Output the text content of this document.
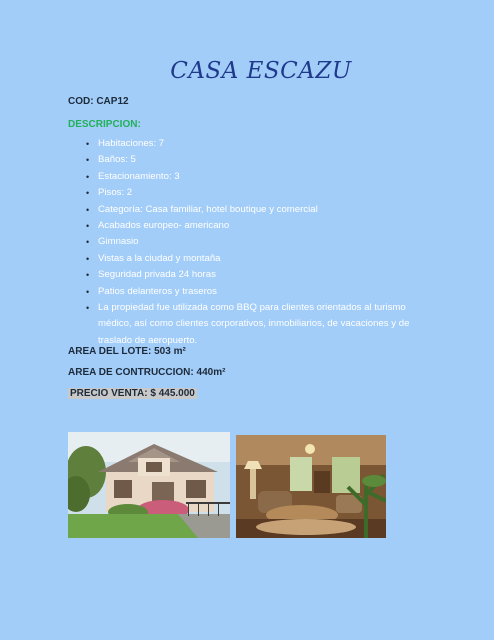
CASA ESCAZU
COD: CAP12
DESCRIPCION:
• Habitaciones: 7
• Baños: 5
• Estacionamiento: 3
• Pisos: 2
• Categoría: Casa familiar, hotel boutique y comercial
• Acabados europeo- americano
• Gimnasio
• Vistas a la ciudad y montaña
• Seguridad privada 24 horas
• Patios delanteros y traseros
• La propiedad fue utilizada como BBQ para clientes orientados al turismo médico, así como clientes corporativos, inmobiliarios, de vacaciones y de traslado de aeropuerto.
AREA DEL LOTE: 503 m²
AREA DE CONTRUCCION: 440m²
PRECIO VENTA: $ 445.000
